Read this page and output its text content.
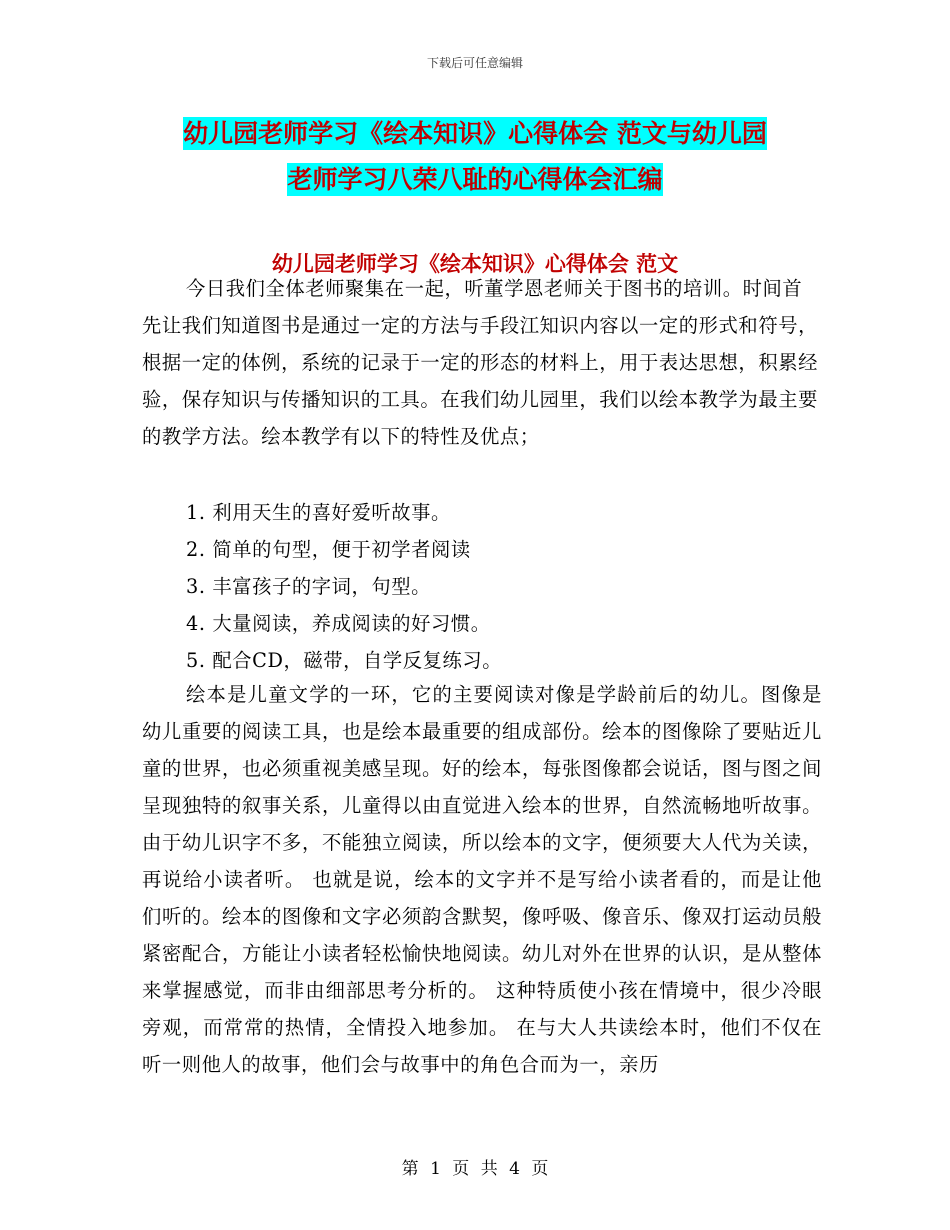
下载后可任意编辑
幼儿园老师学习《绘本知识》心得体会 范文与幼儿园
老师学习八荣八耻的心得体会汇编
幼儿园老师学习《绘本知识》心得体会 范文
今日我们全体老师聚集在一起，听董学恩老师关于图书的培训。时间首先让我们知道图书是通过一定的方法与手段江知识内容以一定的形式和符号，根据一定的体例，系统的记录于一定的形态的材料上，用于表达思想，积累经验，保存知识与传播知识的工具。在我们幼儿园里，我们以绘本教学为最主要的教学方法。绘本教学有以下的特性及优点；
1. 利用天生的喜好爱听故事。
2. 简单的句型，便于初学者阅读
3. 丰富孩子的字词，句型。
4. 大量阅读，养成阅读的好习惯。
5. 配合CD，磁带，自学反复练习。
绘本是儿童文学的一环，它的主要阅读对像是学龄前后的幼儿。图像是幼儿重要的阅读工具，也是绘本最重要的组成部份。绘本的图像除了要贴近儿童的世界，也必须重视美感呈现。好的绘本，每张图像都会说话，图与图之间呈现独特的叙事关系，儿童得以由直觉进入绘本的世界，自然流畅地听故事。由于幼儿识字不多，不能独立阅读，所以绘本的文字，便须要大人代为关读，再说给小读者听。 也就是说，绘本的文字并不是写给小读者看的，而是让他们听的。绘本的图像和文字必须韵含默契，像呼吸、像音乐、像双打运动员般紧密配合，方能让小读者轻松愉快地阅读。幼儿对外在世界的认识，是从整体来掌握感觉，而非由细部思考分析的。 这种特质使小孩在情境中，很少冷眼旁观，而常常的热情，全情投入地参加。 在与大人共读绘本时，他们不仅在听一则他人的故事，他们会与故事中的角色合而为一，亲历
第 1 页 共 4 页
